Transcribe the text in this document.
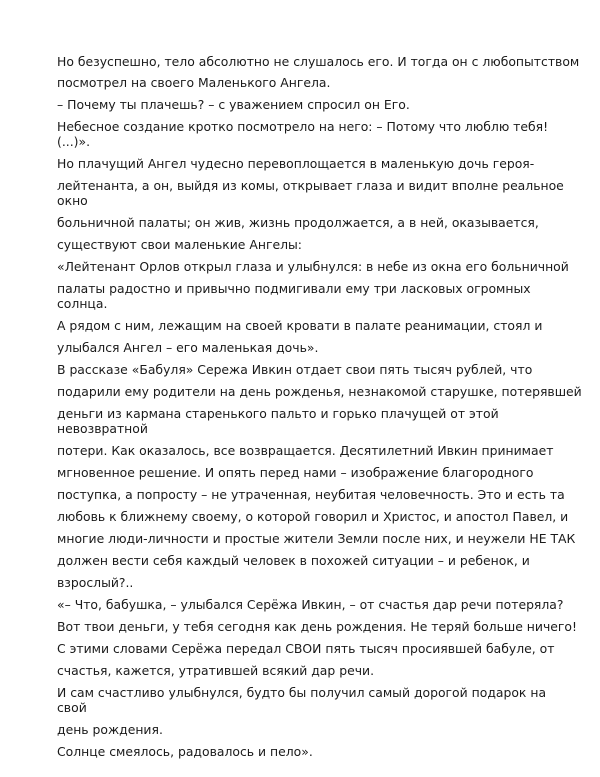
Но безуспешно, тело абсолютно не слушалось его. И тогда он с любопытством

посмотрел на своего Маленького Ангела.

– Почему ты плачешь? – с уважением спросил он Его.

Небесное создание кротко посмотрело на него: – Потому что люблю тебя!

(...)».

Но плачущий Ангел чудесно перевоплощается в маленькую дочь героя-

лейтенанта, а он, выйдя из комы, открывает глаза и видит вполне реальное

окно

больничной палаты; он жив, жизнь продолжается, а в ней, оказывается,

существуют свои маленькие Ангелы:

«Лейтенант Орлов открыл глаза и улыбнулся: в небе из окна его больничной

палаты радостно и привычно подмигивали ему три ласковых огромных

солнца.

А рядом с ним, лежащим на своей кровати в палате реанимации, стоял и

улыбался Ангел – его маленькая дочь».

В рассказе «Бабуля» Сережа Ивкин отдает свои пять тысяч рублей, что

подарили ему родители на день рожденья, незнакомой старушке, потерявшей

деньги из кармана старенького пальто и горько плачущей от этой

невозвратной

потери. Как оказалось, все возвращается. Десятилетний Ивкин принимает

мгновенное решение. И опять перед нами – изображение благородного

поступка, а попросту – не утраченная, неубитая человечность. Это и есть та

любовь к ближнему своему, о которой говорил и Христос, и апостол Павел, и

многие люди-личности и простые жители Земли после них, и неужели НЕ ТАК

должен вести себя каждый человек в похожей ситуации – и ребенок, и

взрослый?..

«– Что, бабушка, – улыбался Серёжа Ивкин, – от счастья дар речи потеряла?

Вот твои деньги, у тебя сегодня как день рождения. Не теряй больше ничего!

С этими словами Серёжа передал СВОИ пять тысяч просиявшей бабуле, от

счастья, кажется, утратившей всякий дар речи.

И сам счастливо улыбнулся, будто бы получил самый дорогой подарок на

свой

день рождения.

Солнце смеялось, радовалось и пело».
